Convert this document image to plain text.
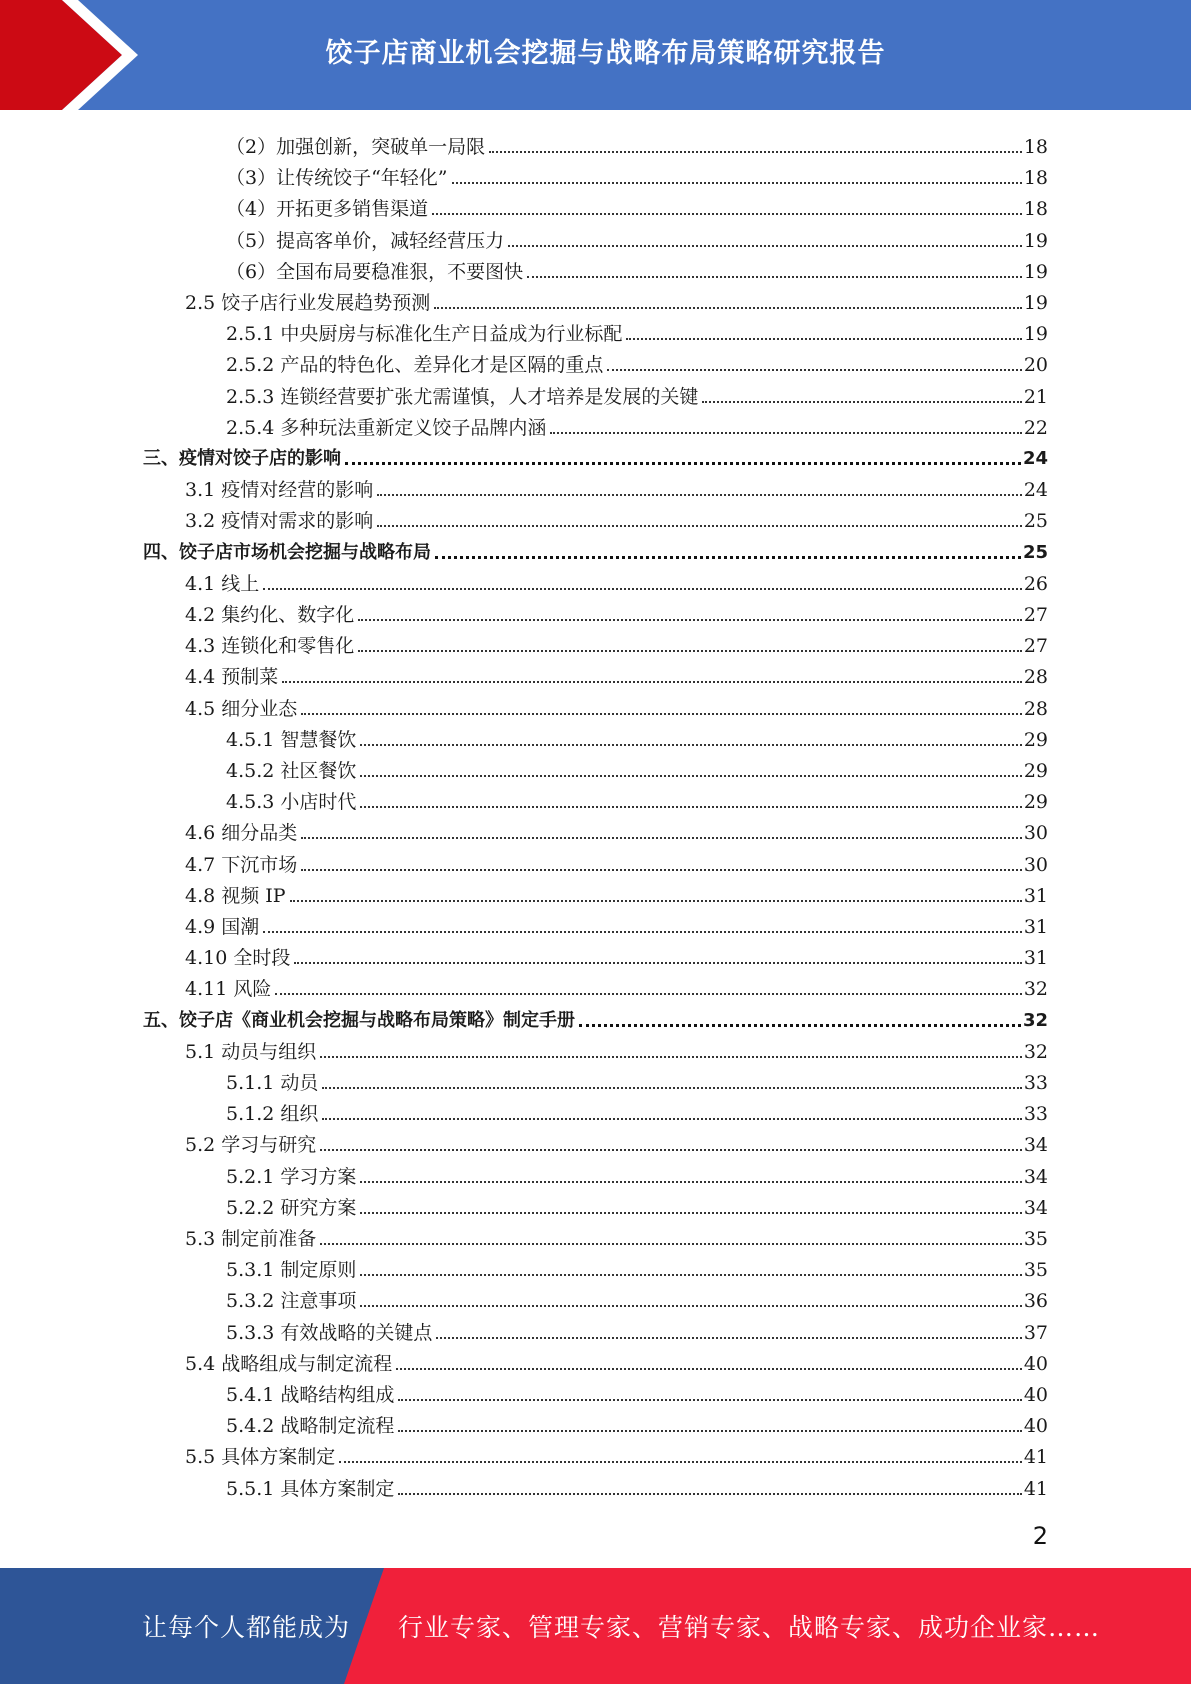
饺子店商业机会挖掘与战略布局策略研究报告
（2）加强创新，突破单一局限	18
（3）让传统饺子“年轻化”	18
（4）开拓更多销售渠道	18
（5）提高客单价，减轻经营压力	19
（6）全国布局要稳准狠，不要图快	19
2.5 饺子店行业发展趋势预测	19
2.5.1 中央厨房与标准化生产日益成为行业标配	19
2.5.2 产品的特色化、差异化才是区隔的重点	20
2.5.3 连锁经营要扩张尤需谨慎，人才培养是发展的关键	21
2.5.4 多种玩法重新定义饺子品牌内涵	22
三、疫情对饺子店的影响	24
3.1 疫情对经营的影响	24
3.2 疫情对需求的影响	25
四、饺子店市场机会挖掘与战略布局	25
4.1 线上	26
4.2 集约化、数字化	27
4.3 连锁化和零售化	27
4.4 预制菜	28
4.5 细分业态	28
4.5.1 智慧餐饮	29
4.5.2 社区餐饮	29
4.5.3 小店时代	29
4.6 细分品类	30
4.7 下沉市场	30
4.8 视频 IP	31
4.9 国潮	31
4.10 全时段	31
4.11 风险	32
五、饺子店《商业机会挖掘与战略布局策略》制定手册	32
5.1 动员与组织	32
5.1.1 动员	33
5.1.2 组织	33
5.2 学习与研究	34
5.2.1 学习方案	34
5.2.2 研究方案	34
5.3 制定前准备	35
5.3.1 制定原则	35
5.3.2 注意事项	36
5.3.3 有效战略的关键点	37
5.4 战略组成与制定流程	40
5.4.1 战略结构组成	40
5.4.2 战略制定流程	40
5.5 具体方案制定	41
5.5.1 具体方案制定	41
2
让每个人都能成为 行业专家、管理专家、营销专家、战略专家、成功企业家……
